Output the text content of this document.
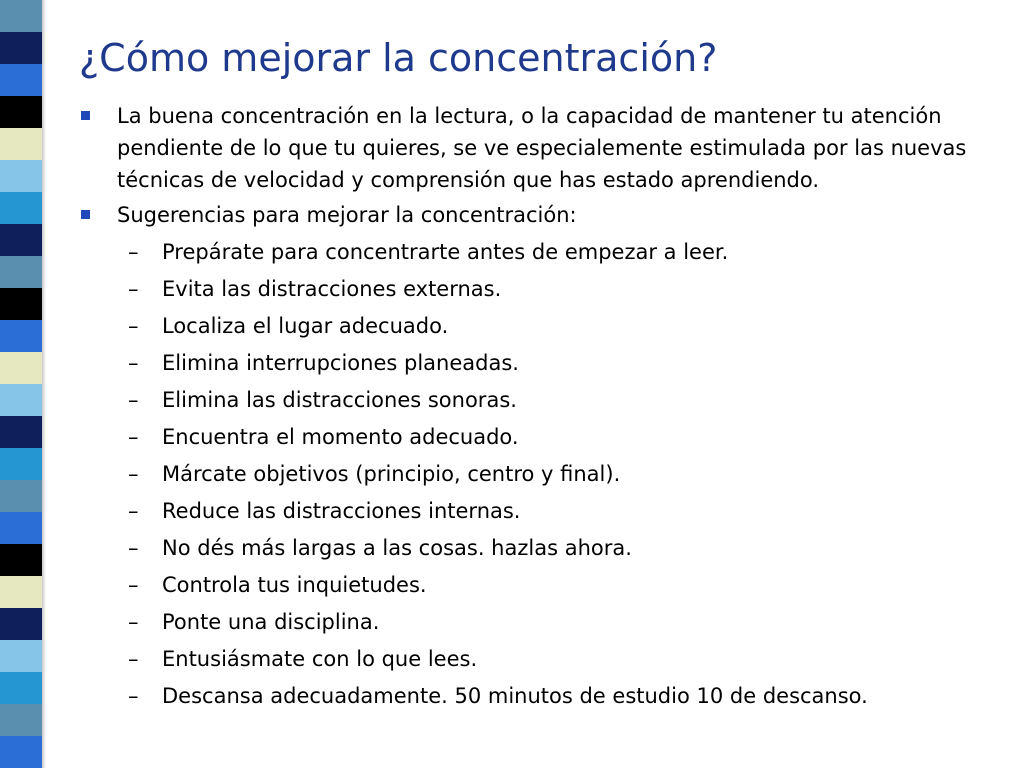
¿Cómo mejorar la concentración?
La buena concentración en la lectura, o la capacidad de mantener tu atención pendiente de lo que tu quieres, se ve especialemente estimulada por las nuevas técnicas de velocidad y comprensión que has estado aprendiendo.
Sugerencias para mejorar la concentración:
– Prepárate para concentrarte antes de empezar a leer.
– Evita las distracciones externas.
– Localiza el lugar adecuado.
– Elimina interrupciones planeadas.
– Elimina las distracciones sonoras.
– Encuentra el momento adecuado.
– Márcate objetivos (principio, centro y final).
– Reduce las distracciones internas.
– No dés más largas a las cosas. hazlas ahora.
– Controla tus inquietudes.
– Ponte una disciplina.
– Entusiásmate con lo que lees.
– Descansa adecuadamente. 50 minutos de estudio 10 de descanso.
